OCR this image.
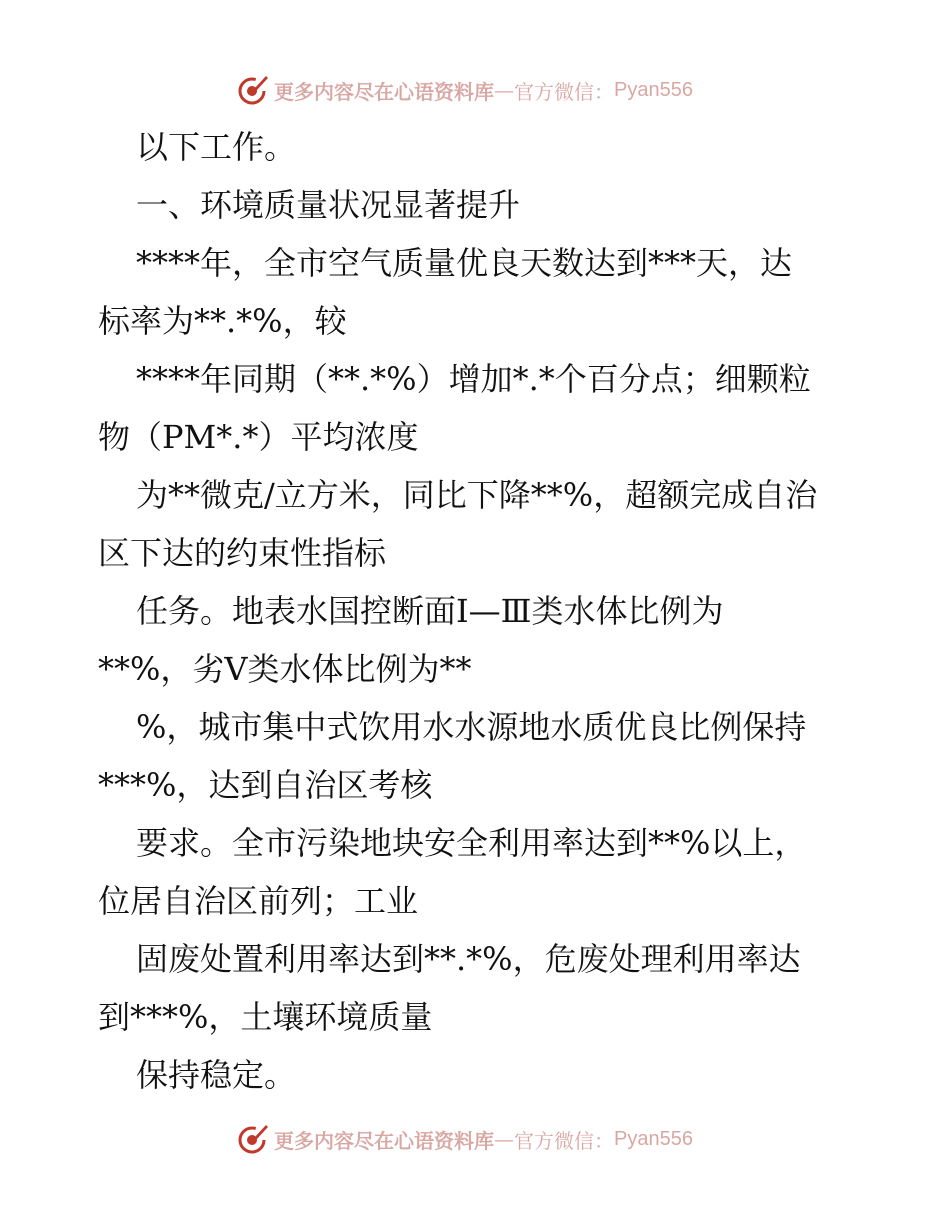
更多内容尽在心语资料库 — 官方微信： Pyan556
以下工作。
一、环境质量状况显著提升
****年，全市空气质量优良天数达到***天，达
标率为**.*%，较
****年同期（**.*%）增加*.*个百分点；细颗粒
物（PM*.*）平均浓度
为**微克/立方米，同比下降**%，超额完成自治
区下达的约束性指标
任务。地表水国控断面Ⅰ—Ⅲ类水体比例为
**%，劣Ⅴ类水体比例为**
%，城市集中式饮用水水源地水质优良比例保持
***%，达到自治区考核
要求。全市污染地块安全利用率达到**%以上，
位居自治区前列；工业
固废处置利用率达到**.*%，危废处理利用率达
到***%，土壤环境质量
保持稳定。
更多内容尽在心语资料库 — 官方微信： Pyan556
